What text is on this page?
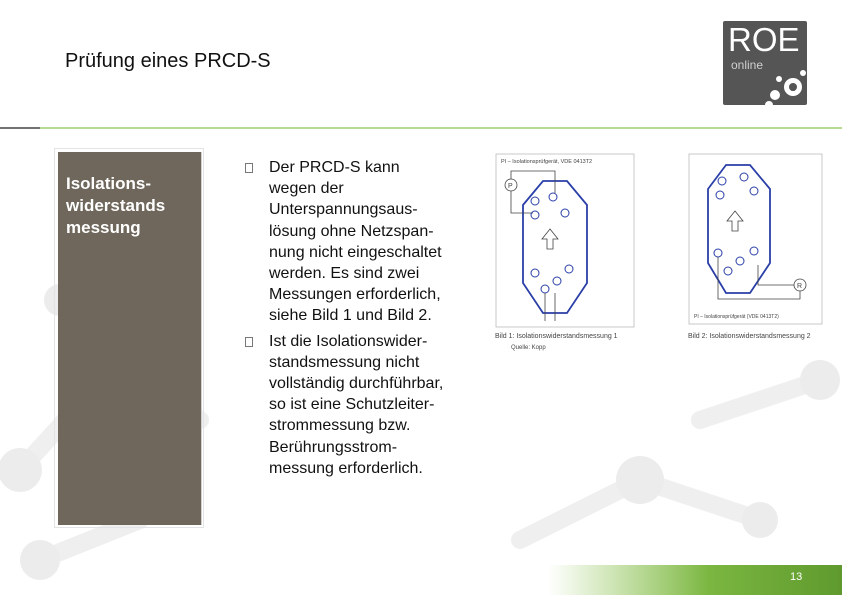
Prüfung eines PRCD-S
ROE
online
2
Isolations-
widerstands
messung
Der PRCD-S kann
wegen der
Unterspannungsaus-
lösung ohne Netzspan-
nung nicht eingeschaltet
werden. Es sind zwei
Messungen erforderlich,
siehe Bild 1 und Bild 2.
Ist die Isolationswider-
standsmessung nicht
vollständig durchführbar,
so ist eine Schutzleiter-
strommessung bzw.
Berührungsstrom-
messung erforderlich.
PI – Isolationsprüfgerät, VDE 0413T2
P
Bild 1: Isolationswiderstandsmessung 1
Quelle: Kopp
R
PI – Isolationsprüfgerät (VDE 0413T2)
Bild 2: Isolationswiderstandsmessung 2
13
